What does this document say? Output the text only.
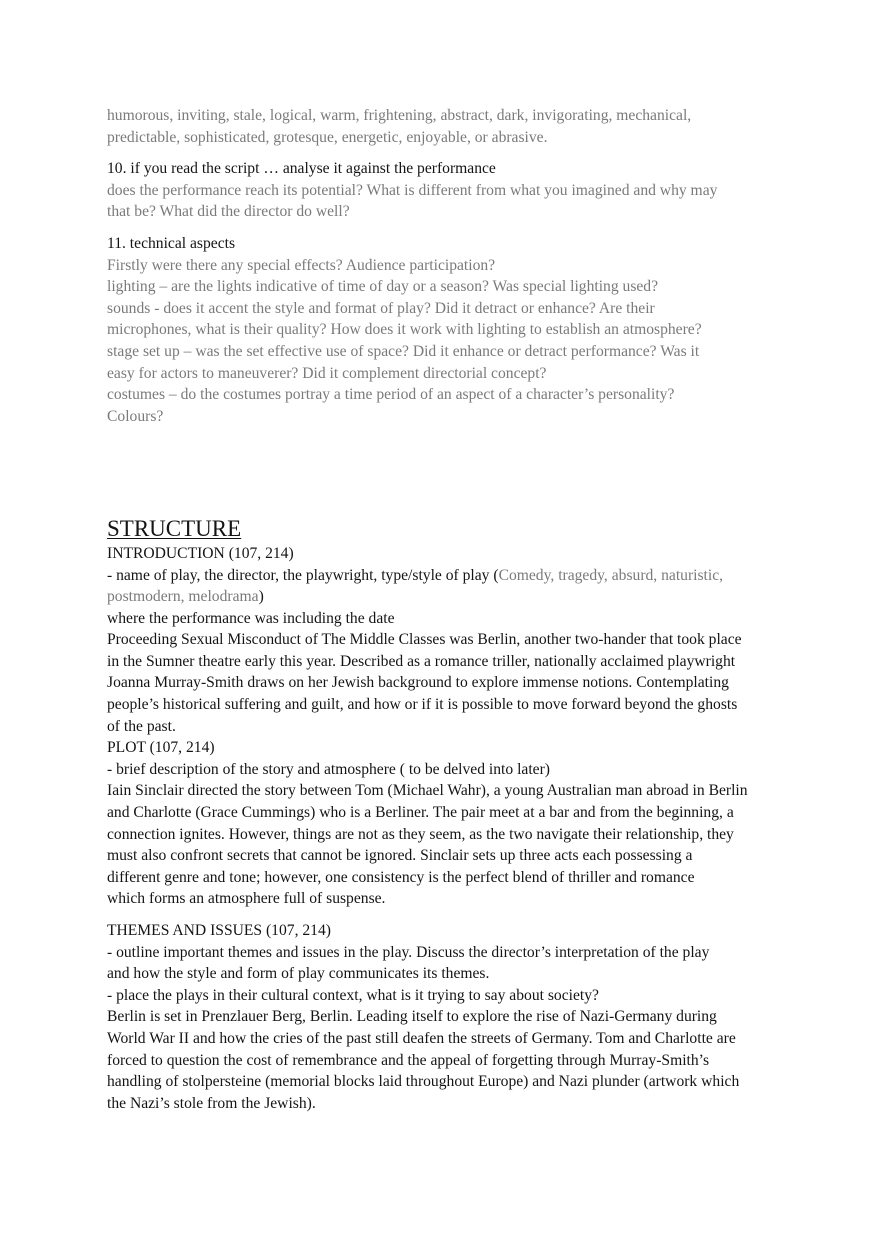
humorous, inviting, stale, logical, warm, frightening, abstract, dark, invigorating, mechanical,
predictable, sophisticated, grotesque, energetic, enjoyable, or abrasive.
10. if you read the script … analyse it against the performance
does the performance reach its potential? What is different from what you imagined and why may
that be? What did the director do well?
11. technical aspects
Firstly were there any special effects? Audience participation?
lighting – are the lights indicative of time of day or a season? Was special lighting used?
sounds - does it accent the style and format of play? Did it detract or enhance? Are their
microphones, what is their quality? How does it work with lighting to establish an atmosphere?
stage set up – was the set effective use of space? Did it enhance or detract performance? Was it
easy for actors to maneuverer? Did it complement directorial concept?
costumes – do the costumes portray a time period of an aspect of a character’s personality?
Colours?
STRUCTURE
INTRODUCTION (107, 214)
- name of play, the director, the playwright, type/style of play (Comedy, tragedy, absurd, naturistic,
postmodern, melodrama)
where the performance was including the date
Proceeding Sexual Misconduct of The Middle Classes was Berlin, another two-hander that took place
in the Sumner theatre early this year. Described as a romance triller, nationally acclaimed playwright
Joanna Murray-Smith draws on her Jewish background to explore immense notions. Contemplating
people’s historical suffering and guilt, and how or if it is possible to move forward beyond the ghosts
of the past.
PLOT (107, 214)
- brief description of the story and atmosphere ( to be delved into later)
Iain Sinclair directed the story between Tom (Michael Wahr), a young Australian man abroad in Berlin
and Charlotte (Grace Cummings) who is a Berliner. The pair meet at a bar and from the beginning, a
connection ignites. However, things are not as they seem, as the two navigate their relationship, they
must also confront secrets that cannot be ignored. Sinclair sets up three acts each possessing a
different genre and tone; however, one consistency is the perfect blend of thriller and romance
which forms an atmosphere full of suspense.
THEMES AND ISSUES (107, 214)
- outline important themes and issues in the play. Discuss the director’s interpretation of the play
and how the style and form of play communicates its themes.
- place the plays in their cultural context, what is it trying to say about society?
Berlin is set in Prenzlauer Berg, Berlin. Leading itself to explore the rise of Nazi-Germany during
World War II and how the cries of the past still deafen the streets of Germany. Tom and Charlotte are
forced to question the cost of remembrance and the appeal of forgetting through Murray-Smith’s
handling of stolpersteine (memorial blocks laid throughout Europe) and Nazi plunder (artwork which
the Nazi’s stole from the Jewish).
